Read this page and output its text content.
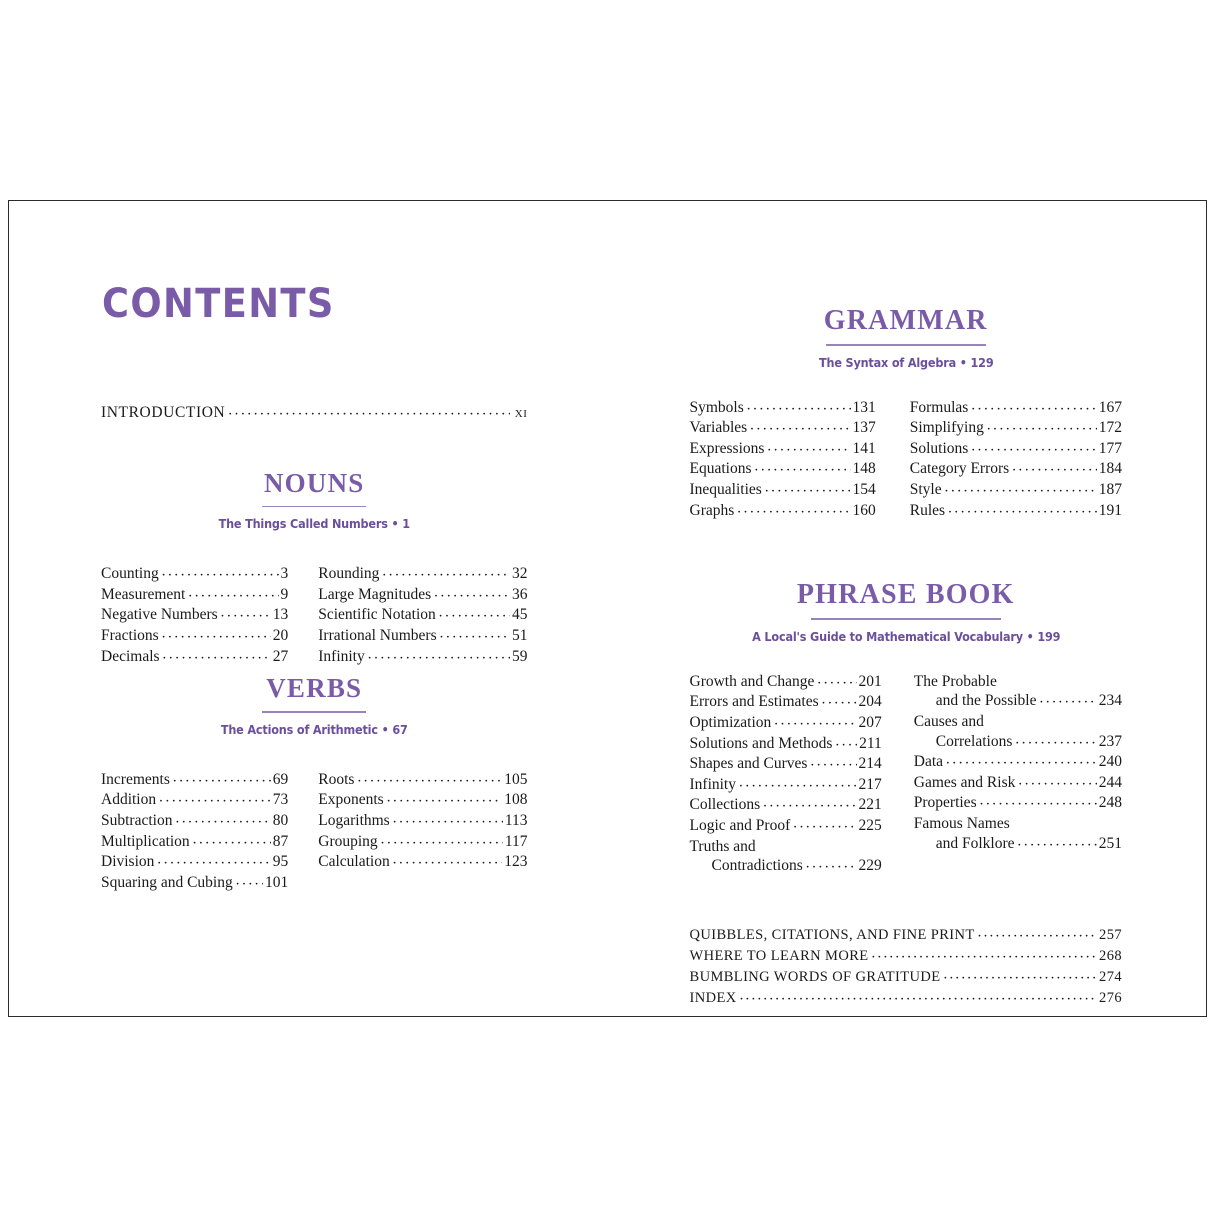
CONTENTS
INTRODUCTION .....	xi
NOUNS
The Things Called Numbers • 1
Counting .....	3
Measurement .....	9
Negative Numbers .....	13
Fractions .....	20
Decimals .....	27
Rounding .....	32
Large Magnitudes .....	36
Scientific Notation .....	45
Irrational Numbers .....	51
Infinity .....	59
VERBS
The Actions of Arithmetic • 67
Increments .....	69
Addition .....	73
Subtraction .....	80
Multiplication .....	87
Division .....	95
Squaring and Cubing ..... 101
Roots .....	105
Exponents .....	108
Logarithms .....	113
Grouping .....	117
Calculation .....	123
GRAMMAR
The Syntax of Algebra • 129
Symbols .....	131
Variables .....	137
Expressions .....	141
Equations .....	148
Inequalities .....	154
Graphs .....	160
Formulas .....	167
Simplifying .....	172
Solutions .....	177
Category Errors .....	184
Style .....	187
Rules .....	191
PHRASE BOOK
A Local's Guide to Mathematical Vocabulary • 199
Growth and Change .....	201
Errors and Estimates .....	204
Optimization .....	207
Solutions and Methods ..... 211
Shapes and Curves .....	214
Infinity .....	217
Collections .....	221
Logic and Proof .....	225
Truths and
Contradictions .....	229
The Probable
and the Possible .....	234
Causes and
Correlations .....	237
Data .....	240
Games and Risk .....	244
Properties .....	248
Famous Names
and Folklore .....	251
QUIBBLES, CITATIONS, AND FINE PRINT .....	257
WHERE TO LEARN MORE .....	268
BUMBLING WORDS OF GRATITUDE .....	274
INDEX .....	276
